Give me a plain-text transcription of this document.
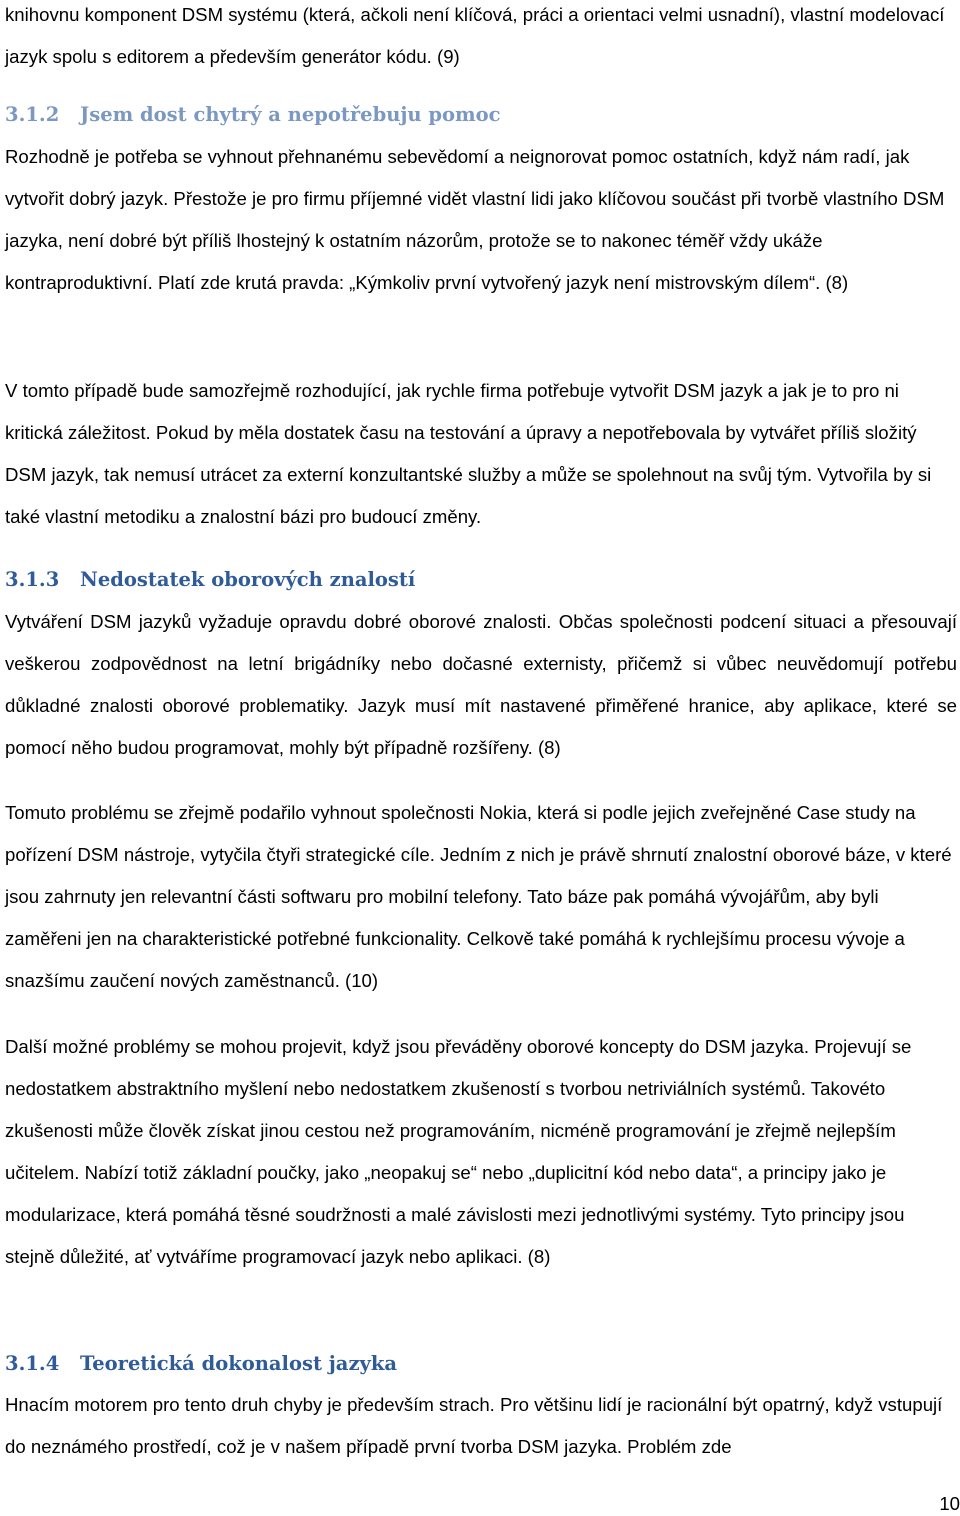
knihovnu komponent DSM systému (která, ačkoli není klíčová, práci a orientaci velmi usnadní), vlastní modelovací jazyk spolu s editorem a především generátor kódu. (9)

3.1.2 Jsem dost chytrý a nepotřebuju pomoc

Rozhodně je potřeba se vyhnout přehnanému sebevědomí a neignorovat pomoc ostatních, když nám radí, jak vytvořit dobrý jazyk. Přestože je pro firmu příjemné vidět vlastní lidi jako klíčovou součást při tvorbě vlastního DSM jazyka, není dobré být příliš lhostejný k ostatním názorům, protože se to nakonec téměř vždy ukáže kontraproduktivní. Platí zde krutá pravda: „Kýmkoliv první vytvořený jazyk není mistrovským dílem“. (8)

V tomto případě bude samozřejmě rozhodující, jak rychle firma potřebuje vytvořit DSM jazyk a jak je to pro ni kritická záležitost. Pokud by měla dostatek času na testování a úpravy a nepotřebovala by vytvářet příliš složitý DSM jazyk, tak nemusí utrácet za externí konzultantské služby a může se spolehnout na svůj tým. Vytvořila by si také vlastní metodiku a znalostní bázi pro budoucí změny.

3.1.3 Nedostatek oborových znalostí

Vytváření DSM jazyků vyžaduje opravdu dobré oborové znalosti. Občas společnosti podcení situaci a přesouvají veškerou zodpovědnost na letní brigádníky nebo dočasné externisty, přičemž si vůbec neuvědomují potřebu důkladné znalosti oborové problematiky. Jazyk musí mít nastavené přiměřené hranice, aby aplikace, které se pomocí něho budou programovat, mohly být případně rozšířeny. (8)

Tomuto problému se zřejmě podařilo vyhnout společnosti Nokia, která si podle jejich zveřejněné Case study na pořízení DSM nástroje, vytyčila čtyři strategické cíle. Jedním z nich je právě shrnutí znalostní oborové báze, v které jsou zahrnuty jen relevantní části softwaru pro mobilní telefony. Tato báze pak pomáhá vývojářům, aby byli zaměřeni jen na charakteristické potřebné funkcionality. Celkově také pomáhá k rychlejšímu procesu vývoje a snazšímu zaučení nových zaměstnanců. (10)

Další možné problémy se mohou projevit, když jsou převáděny oborové koncepty do DSM jazyka. Projevují se nedostatkem abstraktního myšlení nebo nedostatkem zkušeností s tvorbou netriviálních systémů. Takovéto zkušenosti může člověk získat jinou cestou než programováním, nicméně programování je zřejmě nejlepším učitelem. Nabízí totiž základní poučky, jako „neopakuj se“ nebo „duplicitní kód nebo data“, a principy jako je modularizace, která pomáhá těsné soudržnosti a malé závislosti mezi jednotlivými systémy. Tyto principy jsou stejně důležité, ať vytváříme programovací jazyk nebo aplikaci. (8)

3.1.4 Teoretická dokonalost jazyka

Hnacím motorem pro tento druh chyby je především strach. Pro většinu lidí je racionální být opatrný, když vstupují do neznámého prostředí, což je v našem případě první tvorba DSM jazyka. Problém zde

10
